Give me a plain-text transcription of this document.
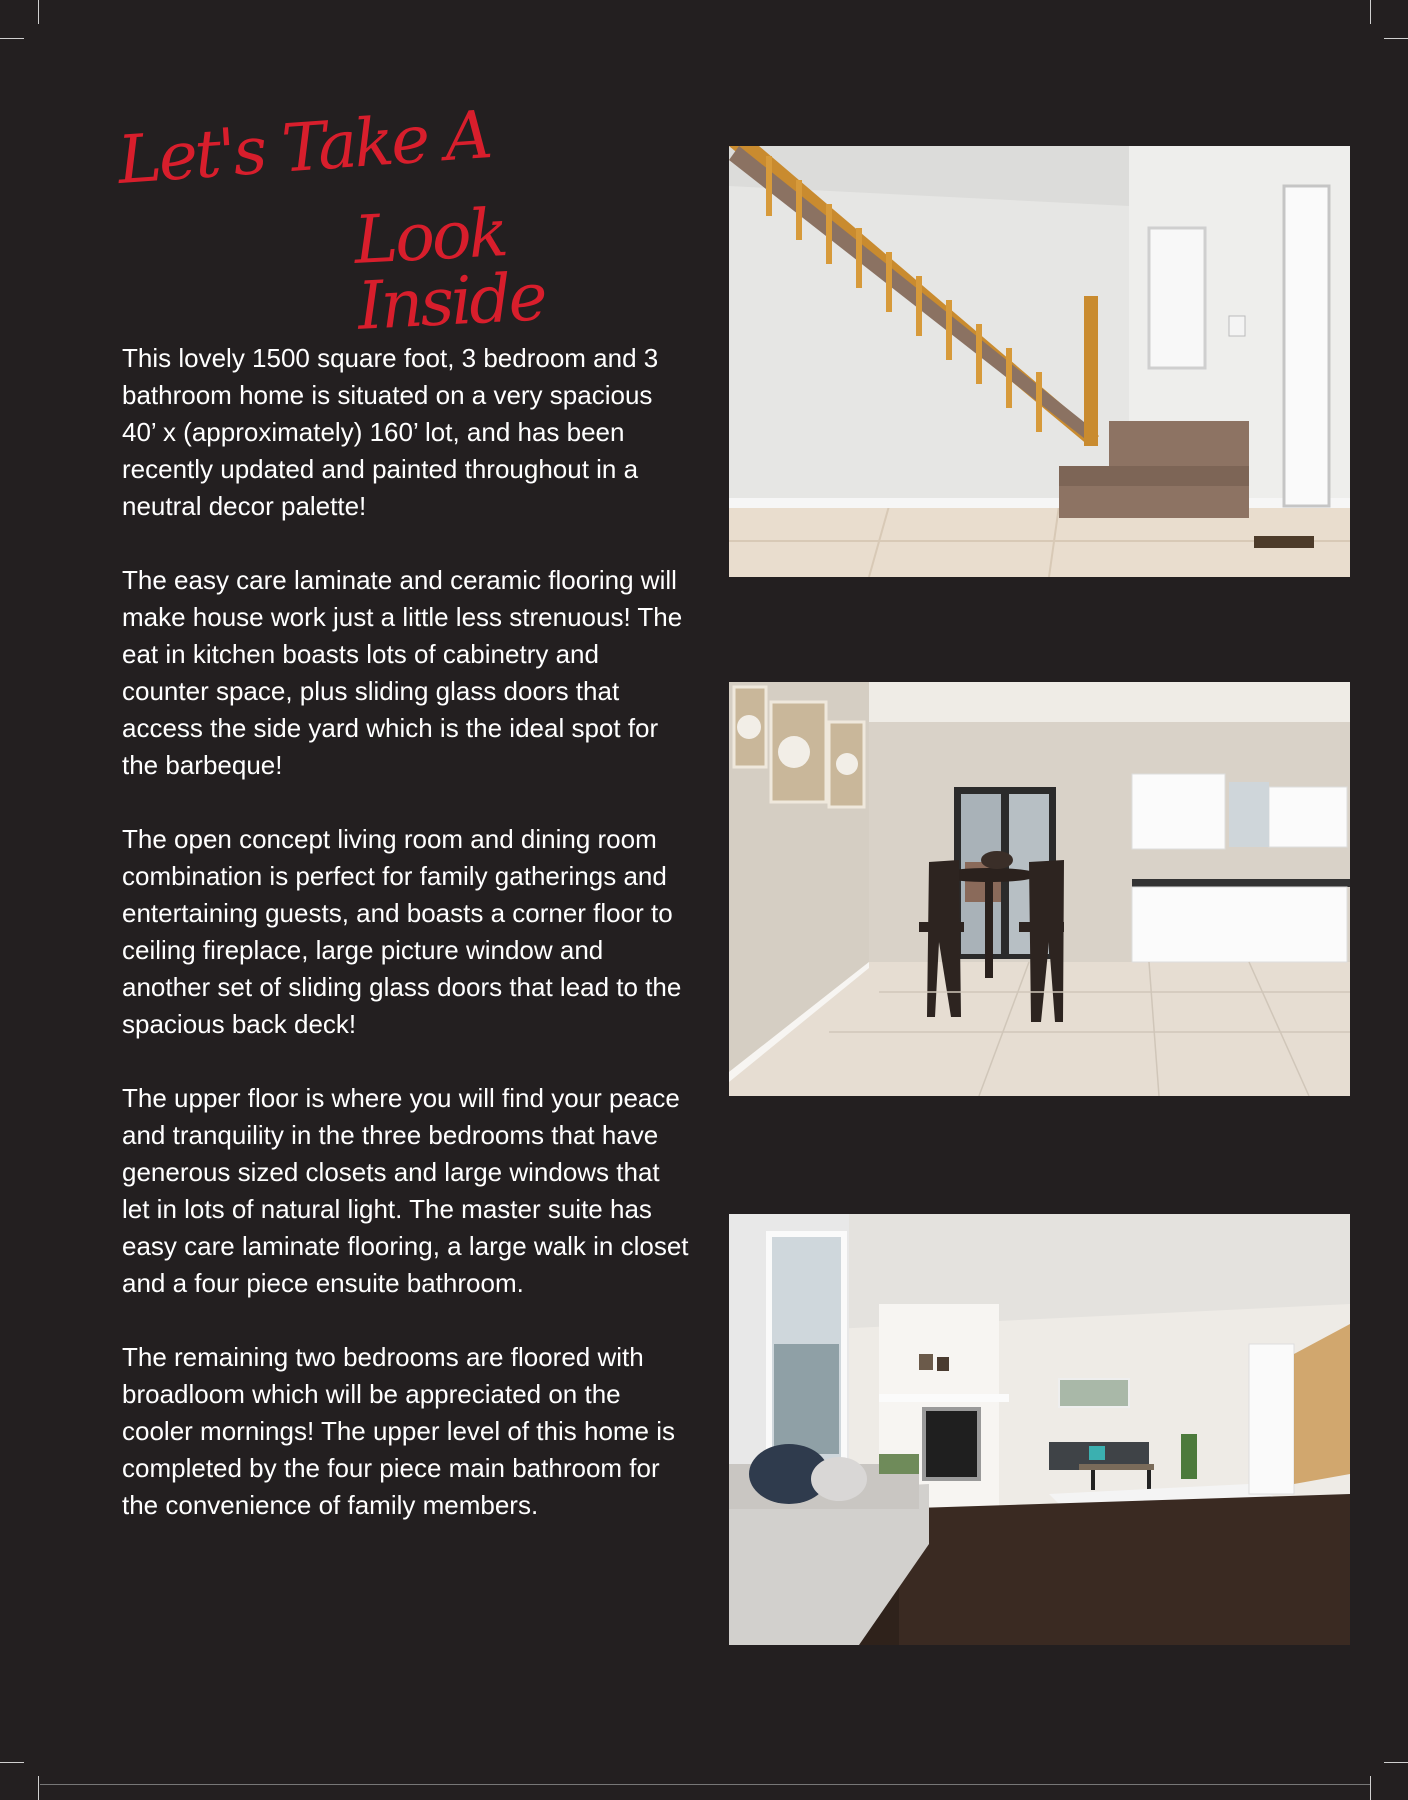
Let's Take A
Look Inside

This lovely 1500 square foot, 3 bedroom and 3 bathroom home is situated on a very spacious 40’ x (approximately) 160’ lot, and has been recently updated and painted throughout in a neutral decor palette!

The easy care laminate and ceramic flooring will make house work just a little less strenuous! The eat in kitchen boasts lots of cabinetry and counter space, plus sliding glass doors that access the side yard which is the ideal spot for the barbeque!

The open concept living room and dining room combination is perfect for family gatherings and entertaining guests, and boasts a corner floor to ceiling fireplace, large picture window and another set of sliding glass doors that lead to the spacious back deck!

The upper floor is where you will find your peace and tranquility in the three bedrooms that have generous sized closets and large windows that let in lots of natural light. The master suite has easy care laminate flooring, a large walk in closet and a four piece ensuite bathroom.

The remaining two bedrooms are floored with broadloom which will be appreciated on the cooler mornings! The upper level of this home is completed by the four piece main bathroom for the convenience of family members.
